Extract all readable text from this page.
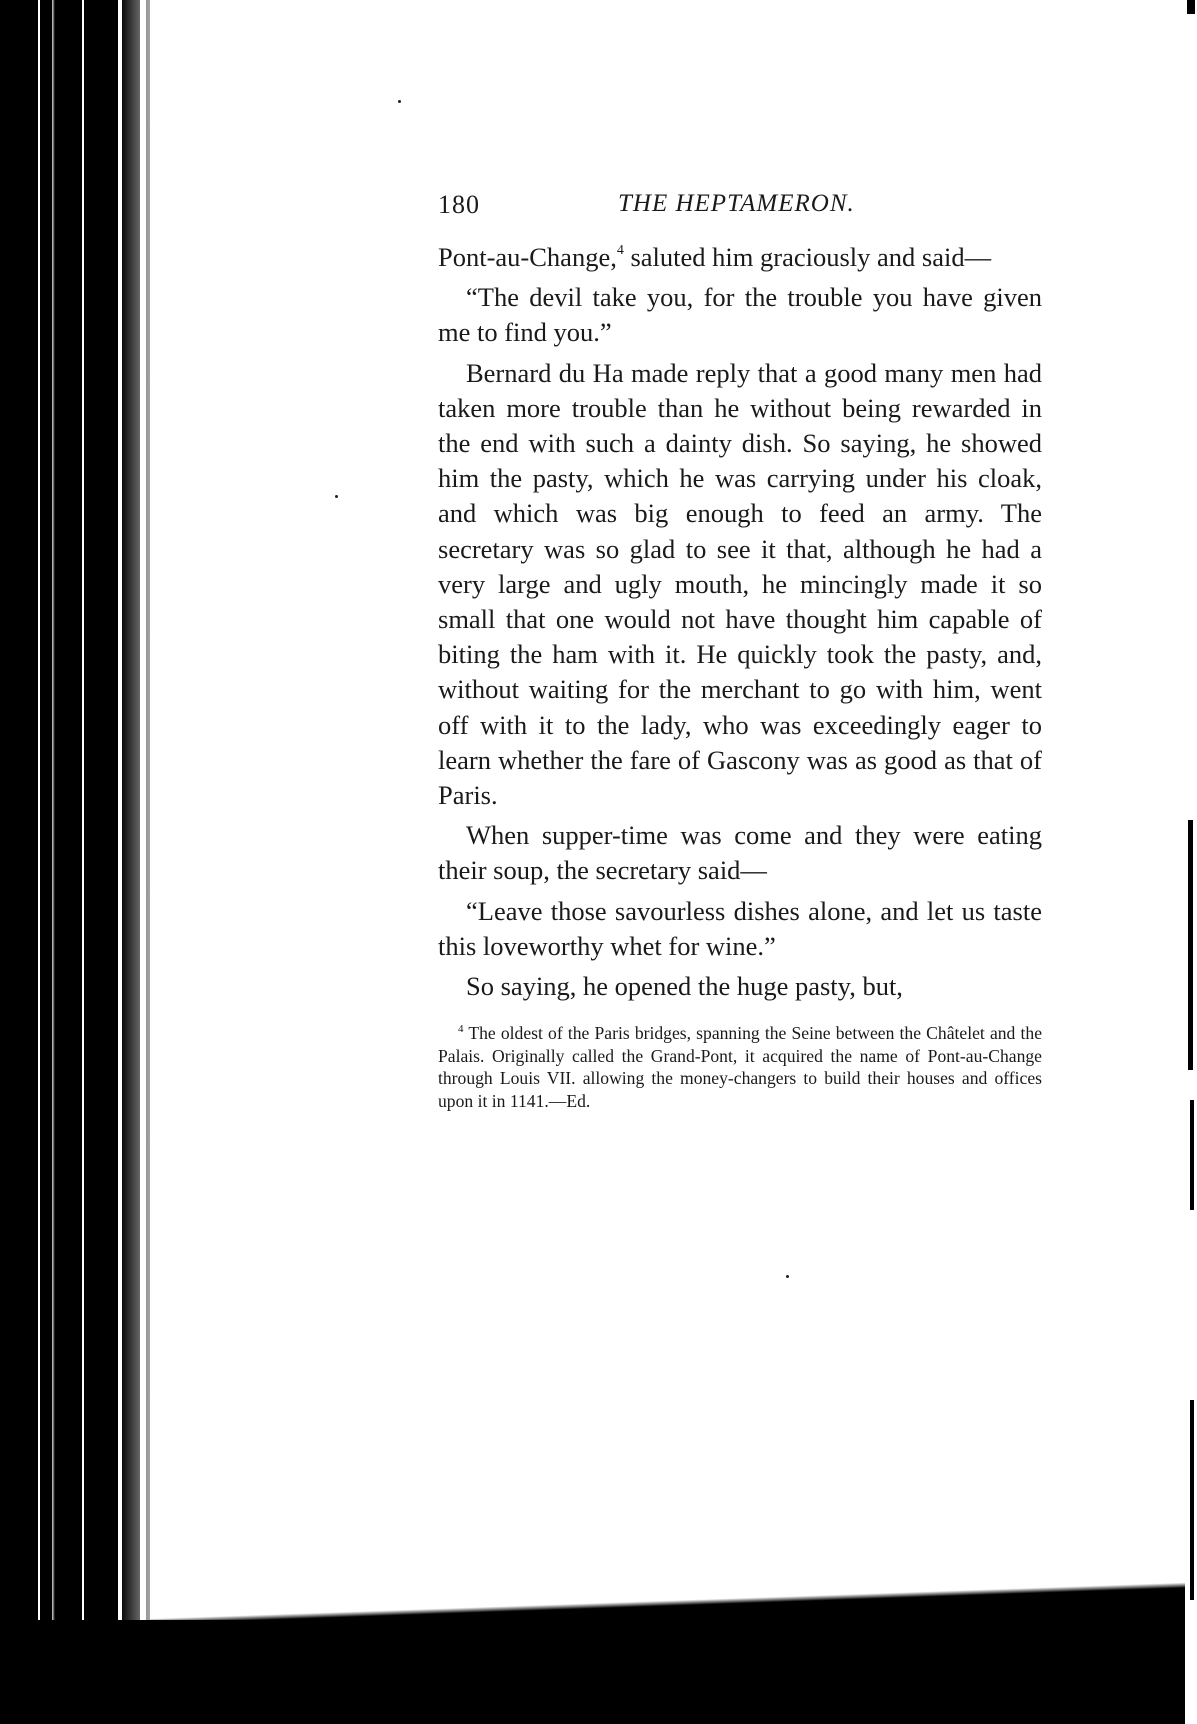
180	THE HEPTAMERON.

Pont-au-Change,$^4$ saluted him graciously and said—

“The devil take you, for the trouble you have given me to find you.”

Bernard du Ha made reply that a good many men had taken more trouble than he without being rewarded in the end with such a dainty dish. So saying, he showed him the pasty, which he was carrying under his cloak, and which was big enough to feed an army. The secretary was so glad to see it that, although he had a very large and ugly mouth, he mincingly made it so small that one would not have thought him capable of biting the ham with it. He quickly took the pasty, and, without waiting for the merchant to go with him, went off with it to the lady, who was exceedingly eager to learn whether the fare of Gascony was as good as that of Paris.

When supper-time was come and they were eating their soup, the secretary said—

“Leave those savourless dishes alone, and let us taste this loveworthy whet for wine.”

So saying, he opened the huge pasty, but,

$^4$ The oldest of the Paris bridges, spanning the Seine between the Châtelet and the Palais. Originally called the Grand-Pont, it acquired the name of Pont-au-Change through Louis VII. allowing the money-changers to build their houses and offices upon it in 1141.—Ed.
